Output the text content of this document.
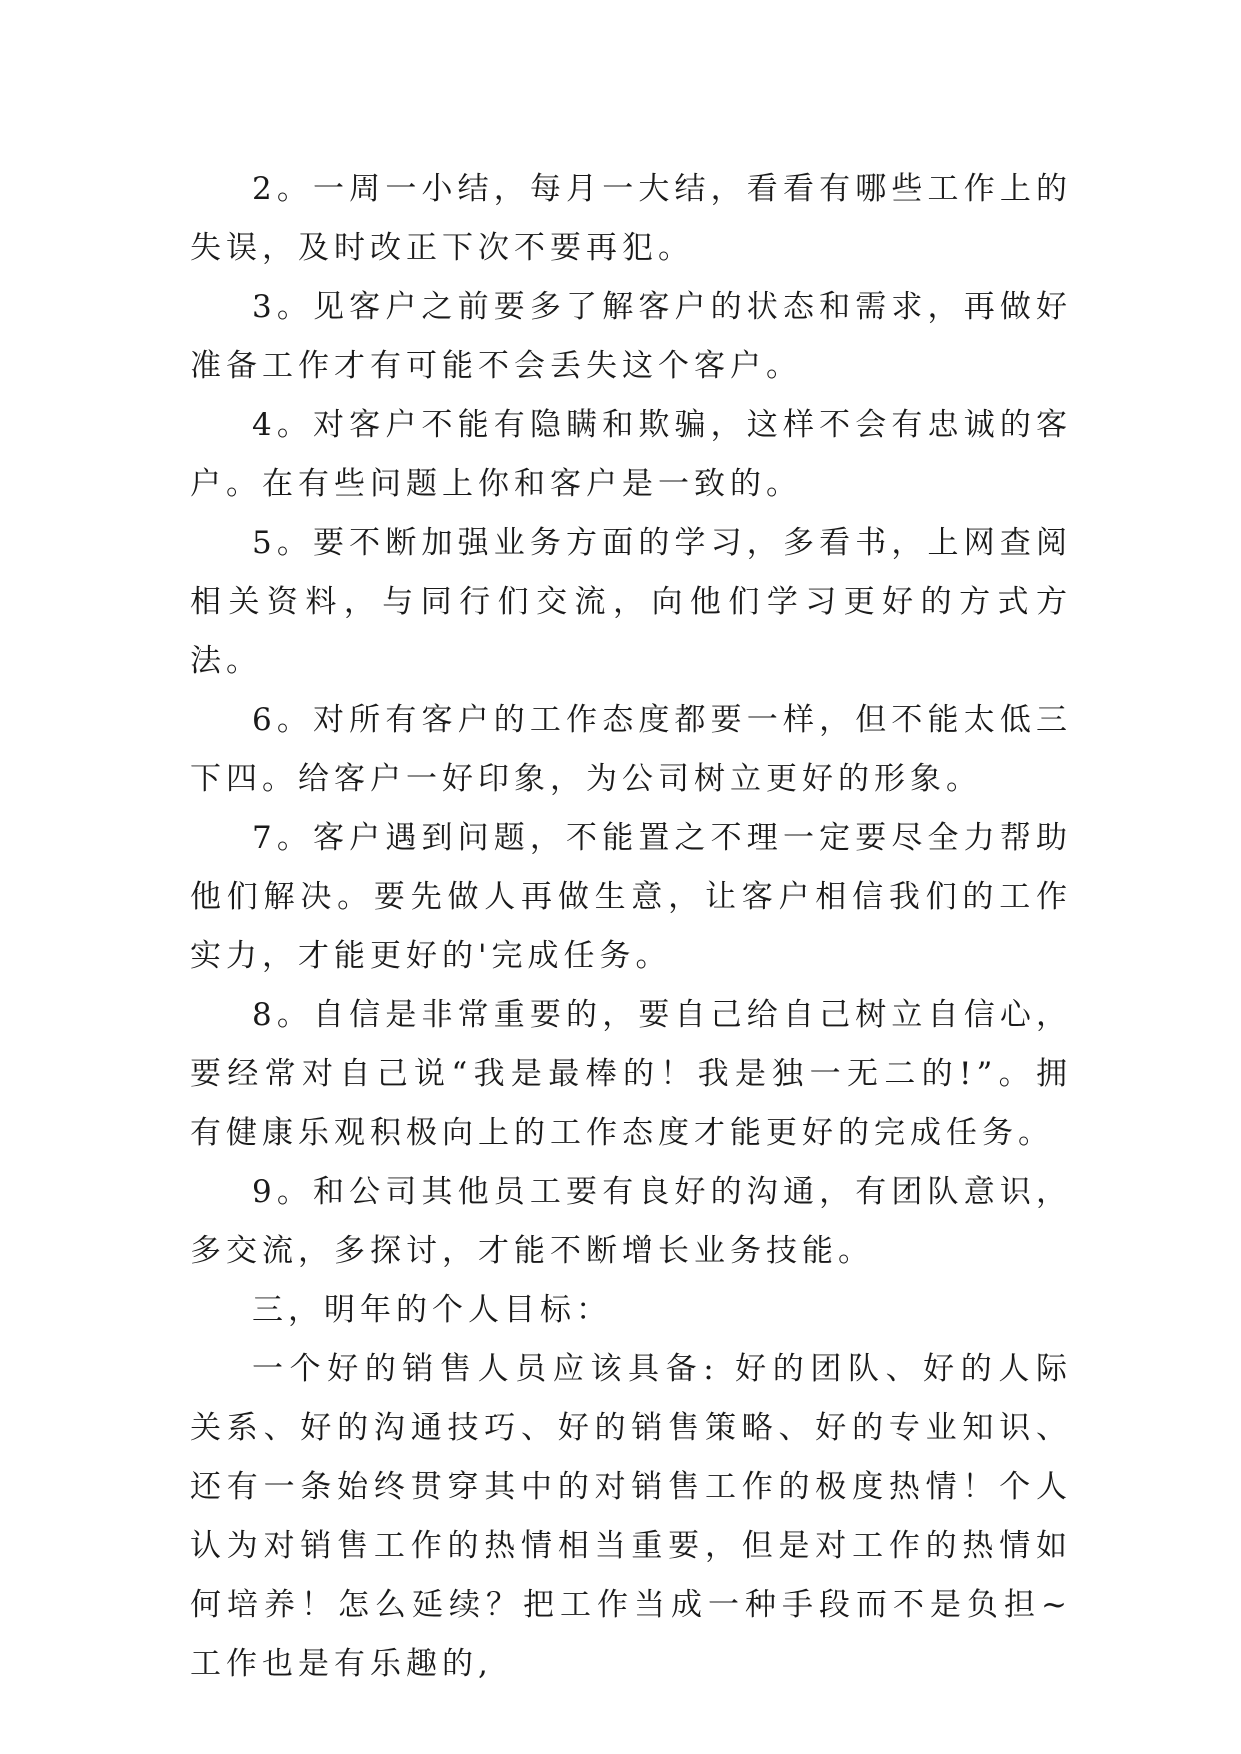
2。一周一小结，每月一大结，看看有哪些工作上的失误，及时改正下次不要再犯。

3。见客户之前要多了解客户的状态和需求，再做好准备工作才有可能不会丢失这个客户。

4。对客户不能有隐瞒和欺骗，这样不会有忠诚的客户。在有些问题上你和客户是一致的。

5。要不断加强业务方面的学习，多看书，上网查阅相关资料，与同行们交流，向他们学习更好的方式方法。

6。对所有客户的工作态度都要一样，但不能太低三下四。给客户一好印象，为公司树立更好的形象。

7。客户遇到问题，不能置之不理一定要尽全力帮助他们解决。要先做人再做生意，让客户相信我们的工作实力，才能更好的'完成任务。

8。自信是非常重要的，要自己给自己树立自信心，要经常对自己说“我是最棒的！我是独一无二的!”。拥有健康乐观积极向上的工作态度才能更好的完成任务。

9。和公司其他员工要有良好的沟通，有团队意识，多交流，多探讨，才能不断增长业务技能。

三，明年的个人目标：

一个好的销售人员应该具备: 好的团队、好的人际关系、好的沟通技巧、好的销售策略、好的专业知识、还有一条始终贯穿其中的对销售工作的极度热情！个人认为对销售工作的热情相当重要，但是对工作的热情如何培养！怎么延续？把工作当成一种手段而不是负担~工作也是有乐趣的,
